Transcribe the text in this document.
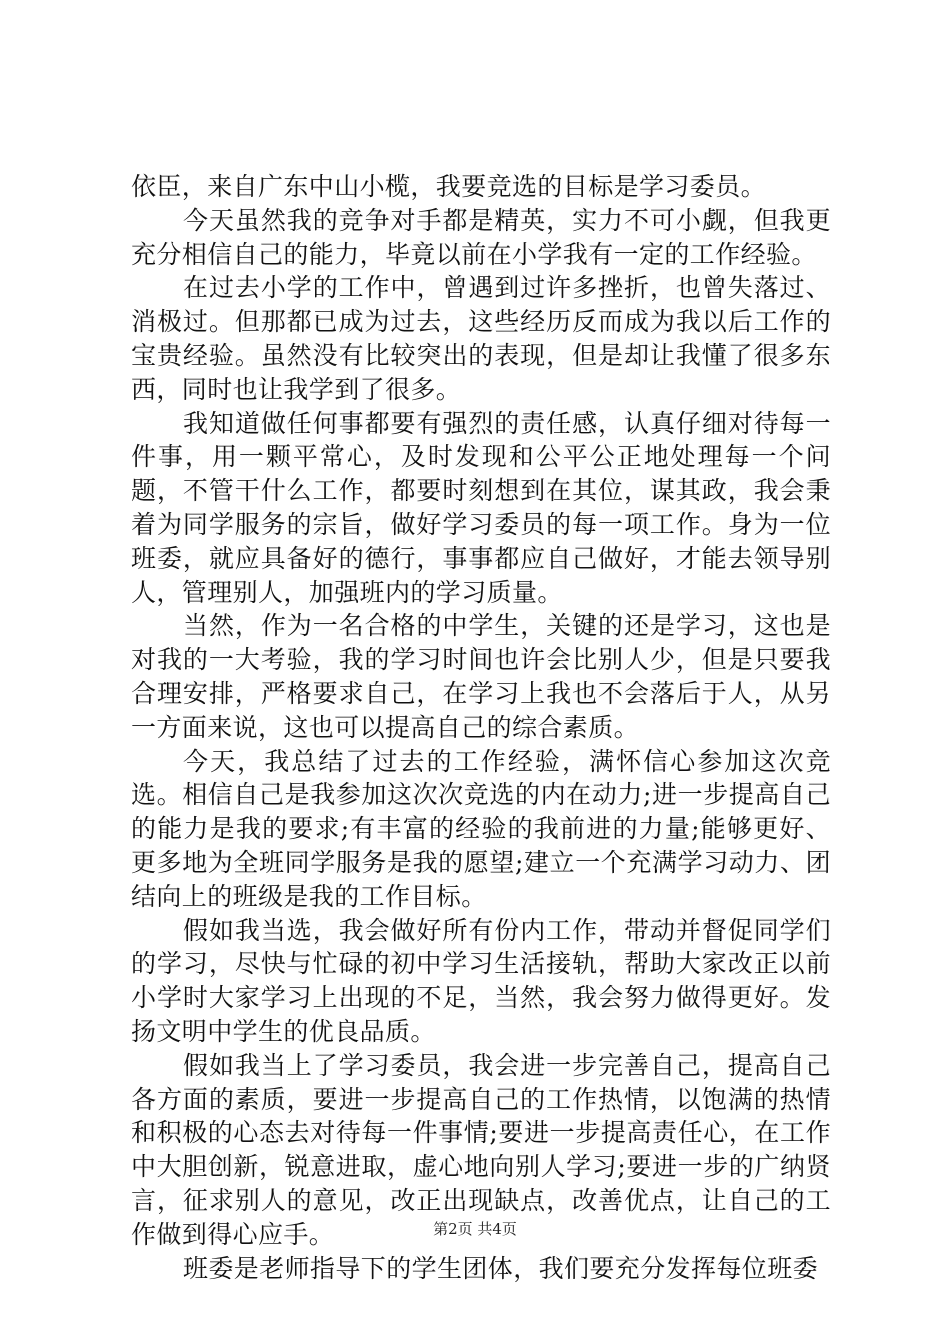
依臣，来自广东中山小榄，我要竞选的目标是学习委员。

今天虽然我的竞争对手都是精英，实力不可小觑，但我更充分相信自己的能力，毕竟以前在小学我有一定的工作经验。

在过去小学的工作中，曾遇到过许多挫折，也曾失落过、消极过。但那都已成为过去，这些经历反而成为我以后工作的宝贵经验。虽然没有比较突出的表现，但是却让我懂了很多东西，同时也让我学到了很多。

我知道做任何事都要有强烈的责任感，认真仔细对待每一件事，用一颗平常心，及时发现和公平公正地处理每一个问题，不管干什么工作，都要时刻想到在其位，谋其政，我会秉着为同学服务的宗旨，做好学习委员的每一项工作。身为一位班委，就应具备好的德行，事事都应自己做好，才能去领导别人，管理别人，加强班内的学习质量。

当然，作为一名合格的中学生，关键的还是学习，这也是对我的一大考验，我的学习时间也许会比别人少，但是只要我合理安排，严格要求自己，在学习上我也不会落后于人，从另一方面来说，这也可以提高自己的综合素质。

今天，我总结了过去的工作经验，满怀信心参加这次竞选。相信自己是我参加这次次竞选的内在动力;进一步提高自己的能力是我的要求;有丰富的经验的我前进的力量;能够更好、更多地为全班同学服务是我的愿望;建立一个充满学习动力、团结向上的班级是我的工作目标。

假如我当选，我会做好所有份内工作，带动并督促同学们的学习，尽快与忙碌的初中学习生活接轨，帮助大家改正以前小学时大家学习上出现的不足，当然，我会努力做得更好。发扬文明中学生的优良品质。

假如我当上了学习委员，我会进一步完善自己，提高自己各方面的素质，要进一步提高自己的工作热情，以饱满的热情和积极的心态去对待每一件事情;要进一步提高责任心，在工作中大胆创新，锐意进取，虚心地向别人学习;要进一步的广纳贤言，征求别人的意见，改正出现缺点，改善优点，让自己的工作做到得心应手。

班委是老师指导下的学生团体，我们要充分发挥每位班委

第2页 共4页
